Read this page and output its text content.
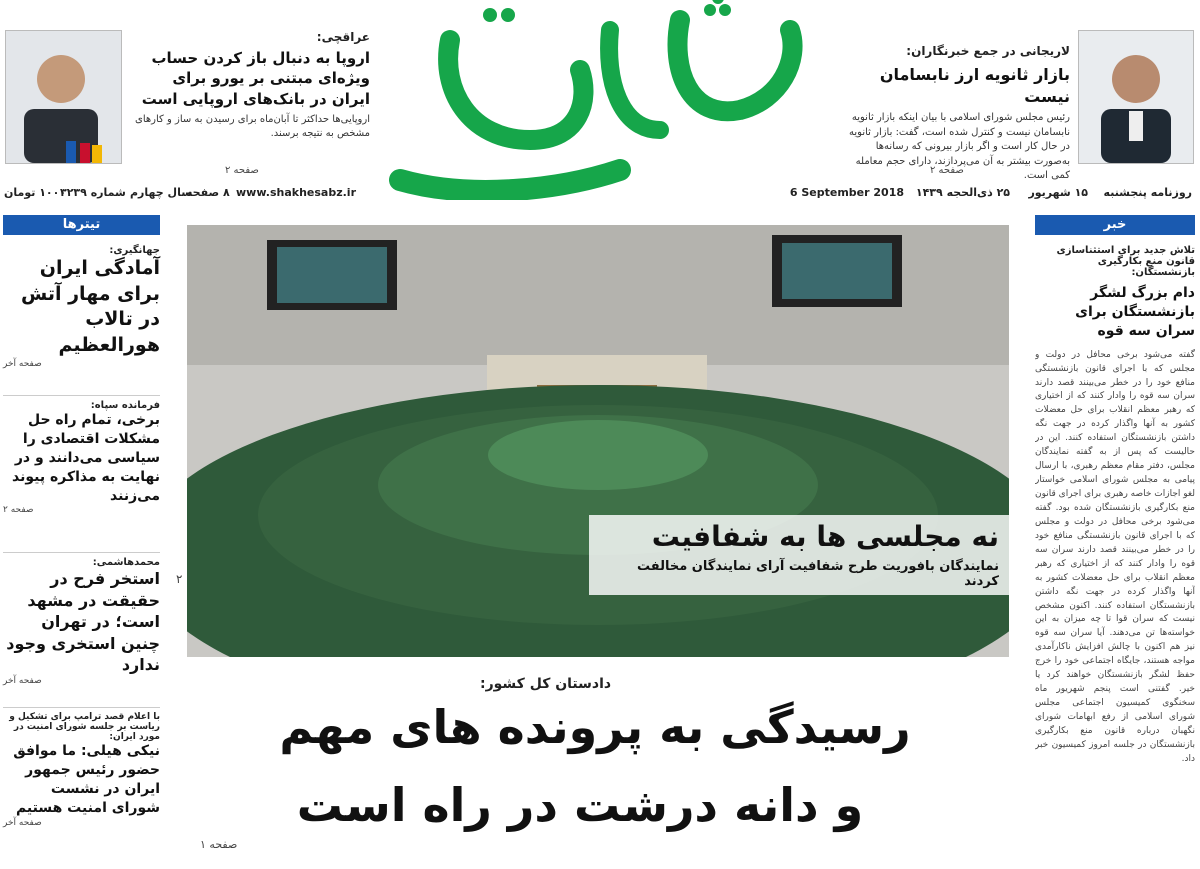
لاریجانی در جمع خبرنگاران:
بازار ثانویه ارز نابسامان نیست
رئیس مجلس شورای اسلامی با بیان اینکه بازار ثانویه نابسامان نیست و کنترل شده است، گفت: بازار ثانویه در حال کار است و اگر بازار بیرونی که رسانه‌ها به‌صورت بیشتر به آن می‌پردازند، دارای حجم معامله کمی است.
صفحه ۲
عراقچی:
اروپا به دنبال باز کردن حساب ویژه‌ای مبتنی بر یورو برای ایران در بانک‌های اروپایی است
اروپایی‌ها حداکثر تا آبان‌ماه برای رسیدن به ساز و کارهای مشخص به نتیجه برسند.
صفحه ۲
روزنامه پنجشنبه
۱۵ شهریور
۲۵ ذی‌الحجه ۱۴۳۹
6 September 2018
www.shakhesabz.ir
۸ صفحه
سال چهارم
شماره ۳۲۳۹
۱۰۰۰ تومان
خبر
تلاش جدید برای استثناسازی قانون منع بکارگیری بازنشستگان:
دام بزرگ لشگر بازنشستگان برای سران سه قوه
گفته می‌شود برخی محافل در دولت و مجلس که با اجرای قانون بازنشستگی منافع خود را در خطر می‌بینند قصد دارند سران سه قوه را وادار کنند که از اختیاری که رهبر معظم انقلاب برای حل معضلات کشور به آنها واگذار کرده در جهت نگه داشتن بازنشستگان استفاده کنند. این در حالیست که پس از به گفته نمایندگان مجلس، دفتر مقام معظم رهبری، با ارسال پیامی به مجلس شورای اسلامی خواستار لغو اجازات خاصه رهبری برای اجرای قانون منع بکارگیری بازنشستگان شده بود. گفته می‌شود برخی محافل در دولت و مجلس که با اجرای قانون بازنشستگی منافع خود را در خطر می‌بینند قصد دارند سران سه قوه را وادار کنند که از اختیاری که رهبر معظم انقلاب برای حل معضلات کشور به آنها واگذار کرده در جهت نگه داشتن بازنشستگان استفاده کنند. اکنون مشخص نیست که سران قوا تا چه میزان به این خواسته‌ها تن می‌دهند. آیا سران سه قوه نیز هم اکنون با چالش افزایش ناکارآمدی مواجه هستند، جایگاه اجتماعی خود را خرج حفظ لشگر بازنشستگان خواهند کرد یا خیر. گفتنی است پنجم شهریور ماه سخنگوی کمیسیون اجتماعی مجلس شورای اسلامی از رفع ابهامات شورای نگهبان درباره قانون منع بکارگیری بازنشستگان در جلسه امروز کمیسیون خبر داد.
تیترها
جهانگیری:
آمادگی ایران برای مهار آتش در تالاب هورالعظیم
صفحه آخر
فرمانده سپاه:
برخی، تمام راه حل مشکلات اقتصادی را سیاسی می‌دانند و در نهایت به مذاکره پیوند می‌زنند
صفحه ۲
محمدهاشمی:
استخر فرح در حقیقت در مشهد است؛ در تهران چنین استخری وجود ندارد
صفحه آخر
با اعلام قصد ترامپ برای تشکیل و ریاست بر جلسه شورای امنیت در مورد ایران:
نیکی هیلی: ما موافق حضور رئیس جمهور ایران در نشست شورای امنیت هستیم
صفحه آخر
نه مجلسی ها به شفافیت
نمایندگان بافوریت طرح شفافیت آرای نمایندگان مخالفت کردند
۲
دادستان کل کشور:
رسیدگی به پرونده های مهم
و دانه درشت در راه است
صفحه ۱
